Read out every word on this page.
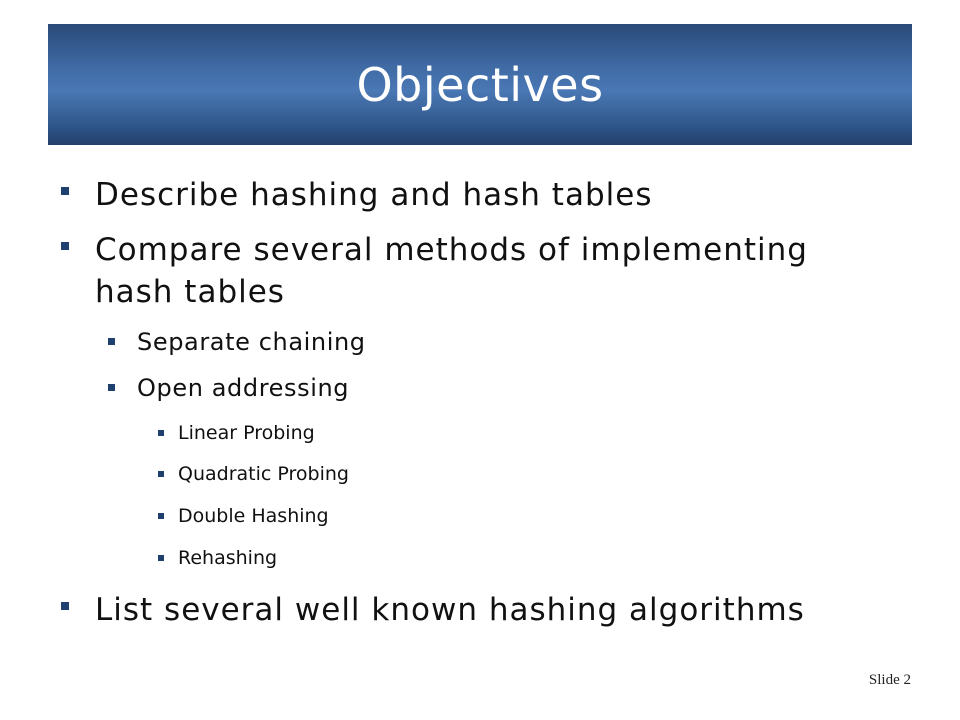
Objectives
Describe hashing and hash tables
Compare several methods of implementing
hash tables
Separate chaining
Open addressing
Linear Probing
Quadratic Probing
Double Hashing
Rehashing
List several well known hashing algorithms
Slide 2
